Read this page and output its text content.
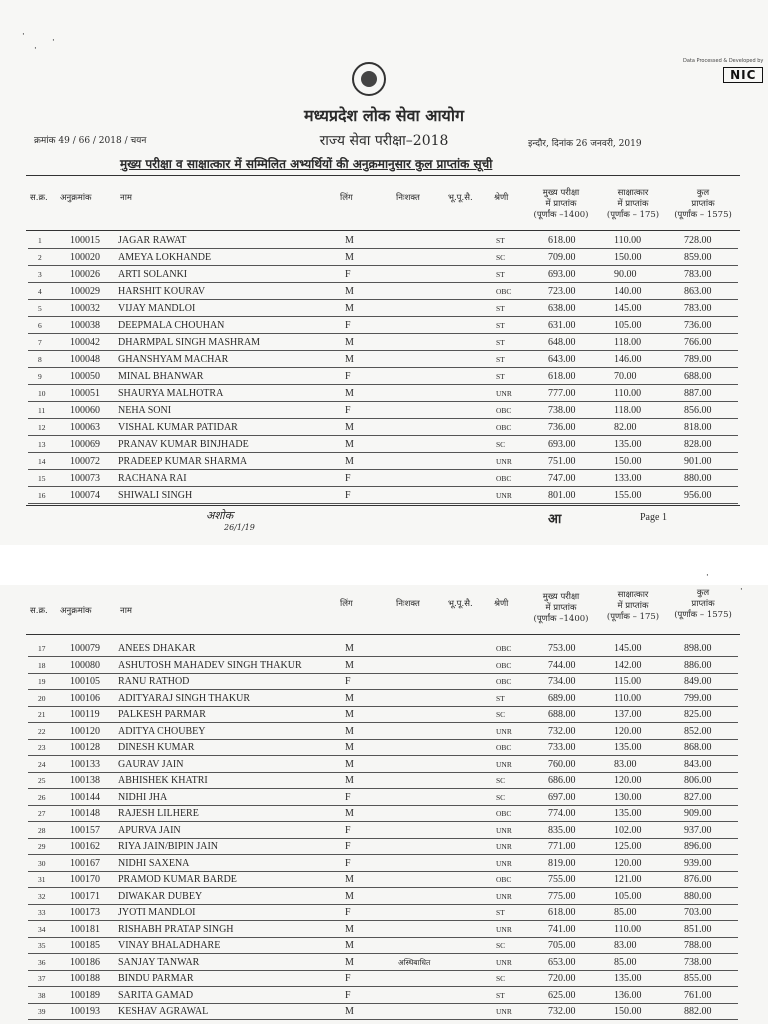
·
·
·
Data Processed & Developed by
NIC
मध्यप्रदेश लोक सेवा आयोग
क्रमांक 49 / 66 / 2018 / चयन	राज्य सेवा परीक्षा–2018	इन्दौर, दिनांक 26 जनवरी, 2019
मुख्य परीक्षा व साक्षात्कार में सम्मिलित अभ्यर्थियों की अनुक्रमानुसार कुल प्राप्तांक सूची
स.क्र. अनुक्रमांक	नाम	लिंग	निःशक्त	भू.पू.सै.	श्रेणी	मुख्य परीक्षा
में प्राप्तांक
(पूर्णांक –1400)
साक्षात्कार
में प्राप्तांक
(पूर्णांक – 175)
कुल
प्राप्तांक
(पूर्णांक – 1575)
1	100015 JAGAR RAWAT	M	ST	618.00	110.00	728.00
2	100020 AMEYA LOKHANDE	M	SC	709.00	150.00	859.00
3	100026 ARTI SOLANKI	F	ST	693.00	90.00	783.00
4	100029 HARSHIT KOURAV	M	OBC	723.00	140.00	863.00
5	100032 VIJAY MANDLOI	M	ST	638.00	145.00	783.00
6	100038 DEEPMALA CHOUHAN	F	ST	631.00	105.00	736.00
7	100042 DHARMPAL SINGH MASHRAM	M	ST	648.00	118.00	766.00
8	100048 GHANSHYAM MACHAR	M	ST	643.00	146.00	789.00
9	100050 MINAL BHANWAR	F	ST	618.00	70.00	688.00
10 100051 SHAURYA MALHOTRA	M	UNR	777.00	110.00	887.00
11 100060 NEHA SONI	F	OBC	738.00	118.00	856.00
12 100063 VISHAL KUMAR PATIDAR	M	OBC	736.00	82.00	818.00
13 100069 PRANAV KUMAR BINJHADE	M	SC	693.00	135.00	828.00
14 100072 PRADEEP KUMAR SHARMA	M	UNR	751.00	150.00	901.00
15 100073 RACHANA RAI	F	OBC	747.00	133.00	880.00
16 100074 SHIWALI SINGH	F	UNR	801.00	155.00	956.00
अशोक
26/1/19
आ	Page 1
·
·
स.क्र. अनुक्रमांक	नाम
लिंग	निःशक्त	भू.पू.सै.	श्रेणी
मुख्य परीक्षा
में प्राप्तांक
(पूर्णांक –1400)
साक्षात्कार
में प्राप्तांक
(पूर्णांक – 175)
कुल
प्राप्तांक
(पूर्णांक – 1575)
17 100079 ANEES DHAKAR	M	OBC	753.00	145.00	898.00
18 100080 ASHUTOSH MAHADEV SINGH THAKUR	M	OBC	744.00	142.00	886.00
19 100105 RANU RATHOD	F	OBC	734.00	115.00	849.00
20 100106 ADITYARAJ SINGH THAKUR	M	ST	689.00	110.00	799.00
21 100119 PALKESH PARMAR	M	SC	688.00	137.00	825.00
22 100120 ADITYA CHOUBEY	M	UNR	732.00	120.00	852.00
23 100128 DINESH KUMAR	M	OBC	733.00	135.00	868.00
24 100133 GAURAV JAIN	M	UNR	760.00	83.00	843.00
25 100138 ABHISHEK KHATRI	M	SC	686.00	120.00	806.00
26 100144 NIDHI JHA	F	SC	697.00	130.00	827.00
27 100148 RAJESH LILHERE	M	OBC	774.00	135.00	909.00
28 100157 APURVA JAIN	F	UNR	835.00	102.00	937.00
29 100162 RIYA JAIN/BIPIN JAIN	F	UNR	771.00	125.00	896.00
30 100167 NIDHI SAXENA	F	UNR	819.00	120.00	939.00
31 100170 PRAMOD KUMAR BARDE	M	OBC	755.00	121.00	876.00
32 100171 DIWAKAR DUBEY	M	UNR	775.00	105.00	880.00
33 100173 JYOTI MANDLOI	F	ST	618.00	85.00	703.00
34 100181 RISHABH PRATAP SINGH	M	UNR	741.00	110.00	851.00
35 100185 VINAY BHALADHARE	M	SC	705.00	83.00	788.00
36 100186 SANJAY TANWAR	M	अस्थिबाधित	UNR	653.00	85.00	738.00
37 100188 BINDU PARMAR	F	SC	720.00	135.00	855.00
38 100189 SARITA GAMAD	F	ST	625.00	136.00	761.00
39 100193 KESHAV AGRAWAL	M	UNR	732.00	150.00	882.00
